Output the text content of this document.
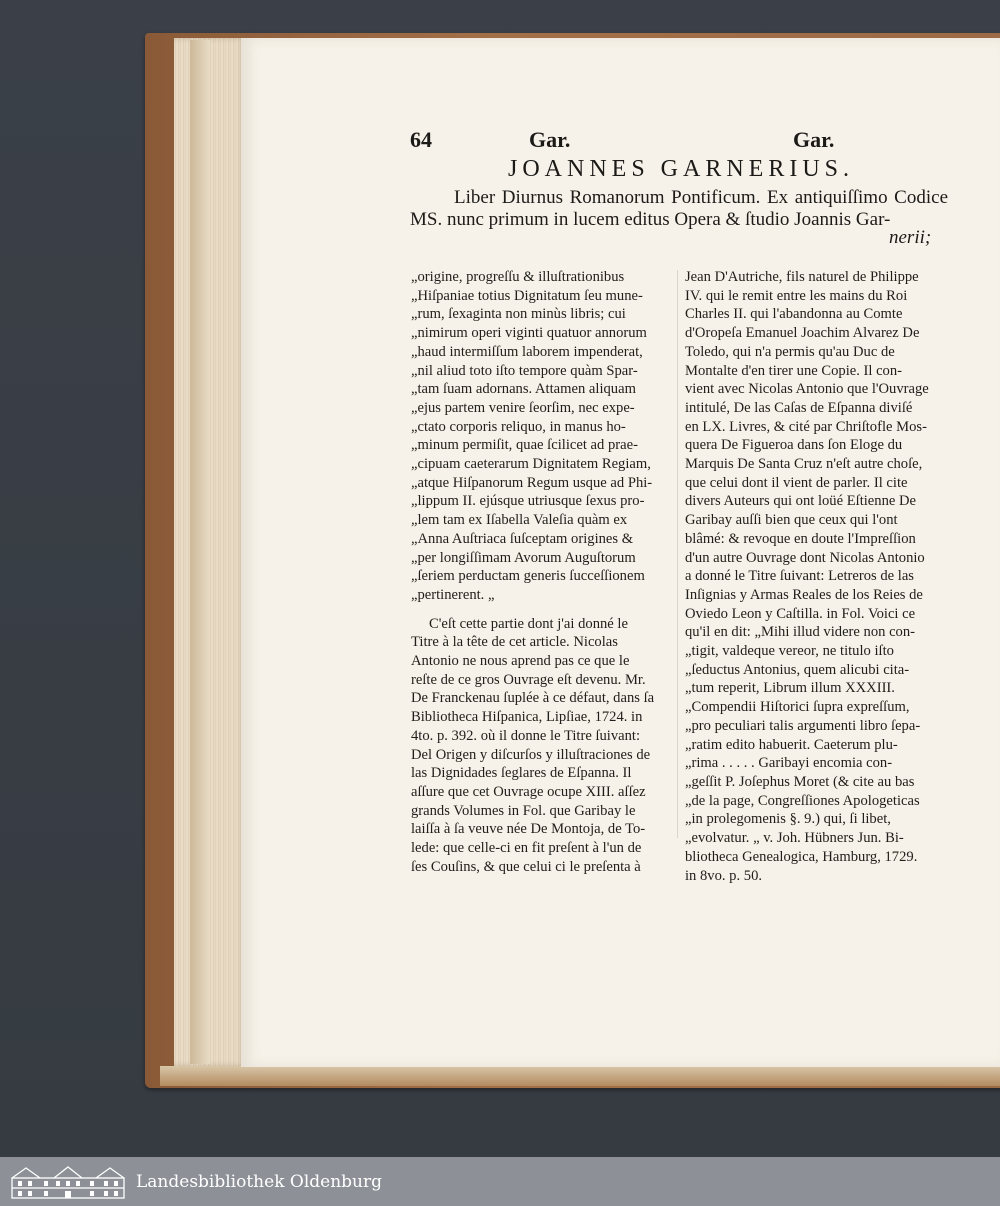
64	Gar.	Gar.
JOANNES GARNERIUS.
Liber Diurnus Romanorum Pontificum. Ex antiquiſſimo Codice MS. nunc primum in lucem editus Opera & ſtudio Joannis Gar-
nerii;

„origine, progreſſu & illuſtrationibus
„Hiſpaniae totius Dignitatum ſeu mune-
„rum, ſexaginta non minùs libris; cui
„nimirum operi viginti quatuor annorum
„haud intermiſſum laborem impenderat,
„nil aliud toto iſto tempore quàm Spar-
„tam ſuam adornans. Attamen aliquam
„ejus partem venire ſeorſim, nec expe-
„ctato corporis reliquo, in manus ho-
„minum permiſit, quae ſcilicet ad prae-
„cipuam caeterarum Dignitatem Regiam,
„atque Hiſpanorum Regum usque ad Phi-
„lippum II. ejúsque utriusque ſexus pro-
„lem tam ex Iſabella Valeſia quàm ex
„Anna Auſtriaca ſuſceptam origines &
„per longiſſimam Avorum Auguſtorum
„ſeriem perductam generis ſucceſſionem
„pertinerent. „

C'eſt cette partie dont j'ai donné le
Titre à la tête de cet article. Nicolas
Antonio ne nous aprend pas ce que le
reſte de ce gros Ouvrage eſt devenu. Mr.
De Franckenau ſuplée à ce défaut, dans ſa
Bibliotheca Hiſpanica, Lipſiae, 1724. in
4to. p. 392. où il donne le Titre ſuivant:
Del Origen y diſcurſos y illuſtraciones de
las Dignidades ſeglares de Eſpanna. Il
aſſure que cet Ouvrage ocupe XIII. aſſez
grands Volumes in Fol. que Garibay le
laiſſa à ſa veuve née De Montoja, de To-
lede: que celle-ci en fit preſent à l'un de
ſes Couſins, & que celui ci le preſenta à

Jean D'Autriche, fils naturel de Philippe
IV. qui le remit entre les mains du Roi
Charles II. qui l'abandonna au Comte
d'Oropeſa Emanuel Joachim Alvarez De
Toledo, qui n'a permis qu'au Duc de
Montalte d'en tirer une Copie. Il con-
vient avec Nicolas Antonio que l'Ouvrage
intitulé, De las Caſas de Eſpanna diviſé
en LX. Livres, & cité par Chriſtofle Mos-
quera De Figueroa dans ſon Eloge du
Marquis De Santa Cruz n'eſt autre choſe,
que celui dont il vient de parler. Il cite
divers Auteurs qui ont loüé Eſtienne De
Garibay auſſi bien que ceux qui l'ont
blâmé: & revoque en doute l'Impreſſion
d'un autre Ouvrage dont Nicolas Antonio
a donné le Titre ſuivant: Letreros de las
Inſignias y Armas Reales de los Reies de
Oviedo Leon y Caſtilla. in Fol. Voici ce
qu'il en dit: „Mihi illud videre non con-
„tigit, valdeque vereor, ne titulo iſto
„ſeductus Antonius, quem alicubi cita-
„tum reperit, Librum illum XXXIII.
„Compendii Hiſtorici ſupra expreſſum,
„pro peculiari talis argumenti libro ſepa-
„ratim edito habuerit. Caeterum plu-
„rima . . . . . Garibayi encomia con-
„geſſit P. Joſephus Moret (& cite au bas
„de la page, Congreſſiones Apologeticas
„in prolegomenis §. 9.) qui, ſi libet,
„evolvatur. „ v. Joh. Hübners Jun. Bi-
bliotheca Genealogica, Hamburg, 1729.
in 8vo. p. 50.

Landesbibliothek Oldenburg
